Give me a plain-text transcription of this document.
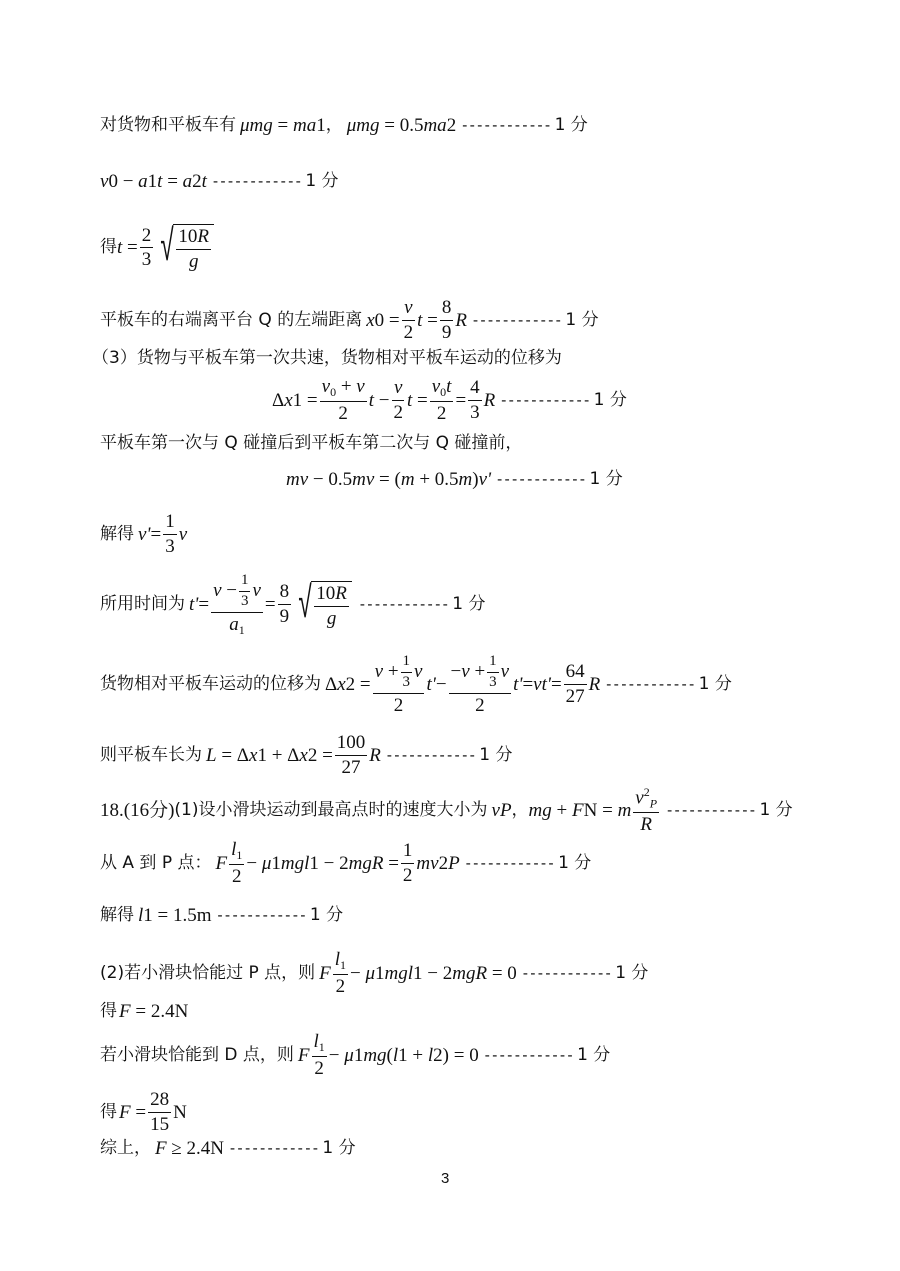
对货物和平板车有 μmg = ma 1 ， μmg = 0.5 ma 2 ------------ 1 分
v 0 − a 1 t = a 2 t ------------ 1 分
得 $t = \frac{2}{3}$ √ $\frac{10R}{g}$
平板车的右端离平台 Q 的左端距离 x $0 = \frac{v}{2}$ $t = \frac{8}{9}$ R ------------ 1 分
（3）货物与平板车第一次共速，货物相对平板车运动的位移为
Δ x $1 = \frac{v_0 + v}{2}$ $t - \frac{v}{2}$ $t = \frac{v_0t}{2} = \frac{4}{3}$ R ------------ 1 分
平板车第一次与 Q 碰撞后到平板车第二次与 Q 碰撞前，
mv − 0.5 mv = ( m + 0.5 m ) v' ------------ 1 分
解得 $v' = \frac{1}{3}$ v
所用时间为 $t' = \frac{v - \frac{1}{3} v}{a_1} = \frac{8}{9}$ √ $\frac{10R}{g}$ ------------ 1 分
货物相对平板车运动的位移为 Δ x $2 = \frac{v + \frac{1}{3} v}{2} t' - \frac{- v + \frac{1}{3} v}{2} t' = vt' = \frac{64}{27}$ R ------------ 1 分
则平板车长为 L = Δ x 1 + Δ x $2 = \frac{100}{27}$ R ------------ 1 分
18. (16分) (1)设小滑块运动到最高点时的速度大小为 v P ， mg + F N = m $\frac{v^2_P}{R}$ ------------ 1 分
从 A 到 P 点： F $\frac{l_1}{2} - \mu$ 1 mgl 1 − 2 mgR = $\frac{1}{2}$ mv 2 P ------------ 1 分
解得 l 1 = 1.5m ------------ 1 分
(2)若小滑块恰能过 P 点，则 F $\frac{l_1}{2} - \mu$ 1 mgl 1 − 2 mgR = 0 ------------ 1 分
得 F = 2.4N
若小滑块恰能到 D 点，则 F $\frac{l_1}{2} - \mu$ 1 mg ( l 1 + l 2 ) = 0 ------------ 1 分
得 $F = \frac{28}{15}$ N
综上， F ≥ 2.4N ------------ 1 分
3
